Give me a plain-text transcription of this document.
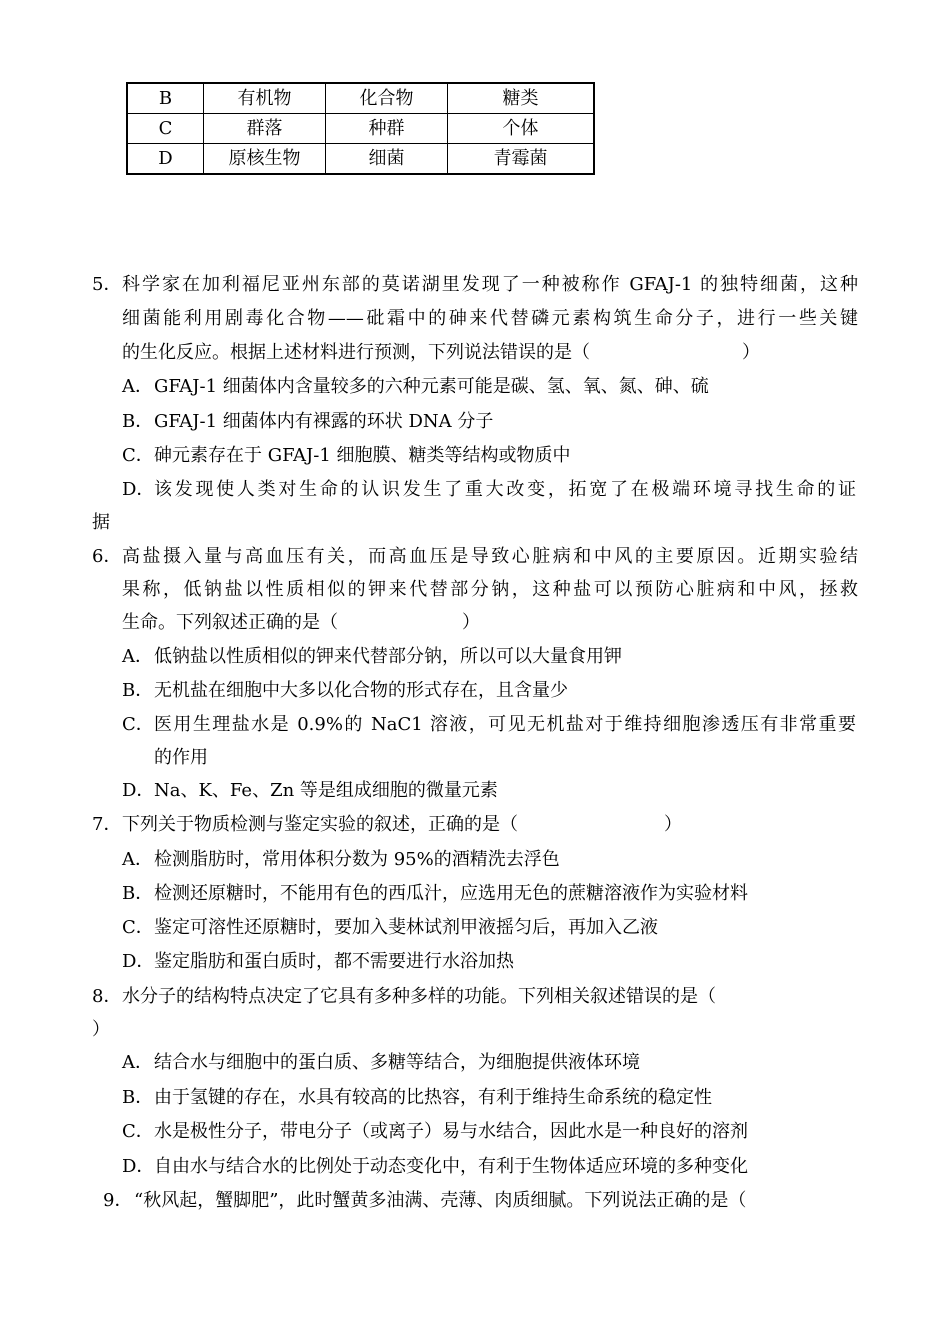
B	有机物	化合物	糖类
C	群落	种群	个体
D	原核生物	细菌	青霉菌
5． 科学家在加利福尼亚州东部的莫诺湖里发现了一种被称作 GFAJ-1 的独特细菌，这种
细菌能利用剧毒化合物——砒霜中的砷来代替磷元素构筑生命分子，进行一些关键
的生化反应。根据上述材料进行预测，下列说法错误的是（	）
A． GFAJ-1 细菌体内含量较多的六种元素可能是碳、氢、氧、氮、砷、硫
B． GFAJ-1 细菌体内有裸露的环状 DNA 分子
C． 砷元素存在于 GFAJ-1 细胞膜、糖类等结构或物质中
D． 该发现使人类对生命的认识发生了重大改变，拓宽了在极端环境寻找生命的证
据
6． 高盐摄入量与高血压有关，而高血压是导致心脏病和中风的主要原因。近期实验结
果称，低钠盐以性质相似的钾来代替部分钠，这种盐可以预防心脏病和中风，拯救
生命。下列叙述正确的是（	）
A． 低钠盐以性质相似的钾来代替部分钠，所以可以大量食用钾
B． 无机盐在细胞中大多以化合物的形式存在，且含量少
C． 医用生理盐水是 0.9%的 NaC1 溶液，可见无机盐对于维持细胞渗透压有非常重要
的作用
D． Na、K、Fe、Zn 等是组成细胞的微量元素
7． 下列关于物质检测与鉴定实验的叙述，正确的是（	）
A． 检测脂肪时，常用体积分数为 95%的酒精洗去浮色
B． 检测还原糖时，不能用有色的西瓜汁，应选用无色的蔗糖溶液作为实验材料
C． 鉴定可溶性还原糖时，要加入斐林试剂甲液摇匀后，再加入乙液
D． 鉴定脂肪和蛋白质时，都不需要进行水浴加热
8． 水分子的结构特点决定了它具有多种多样的功能。下列相关叙述错误的是（
）
A． 结合水与细胞中的蛋白质、多糖等结合，为细胞提供液体环境
B． 由于氢键的存在，水具有较高的比热容，有利于维持生命系统的稳定性
C． 水是极性分子，带电分子（或离子）易与水结合，因此水是一种良好的溶剂
D． 自由水与结合水的比例处于动态变化中，有利于生物体适应环境的多种变化
9． “秋风起，蟹脚肥”，此时蟹黄多油满、壳薄、肉质细腻。下列说法正确的是（
